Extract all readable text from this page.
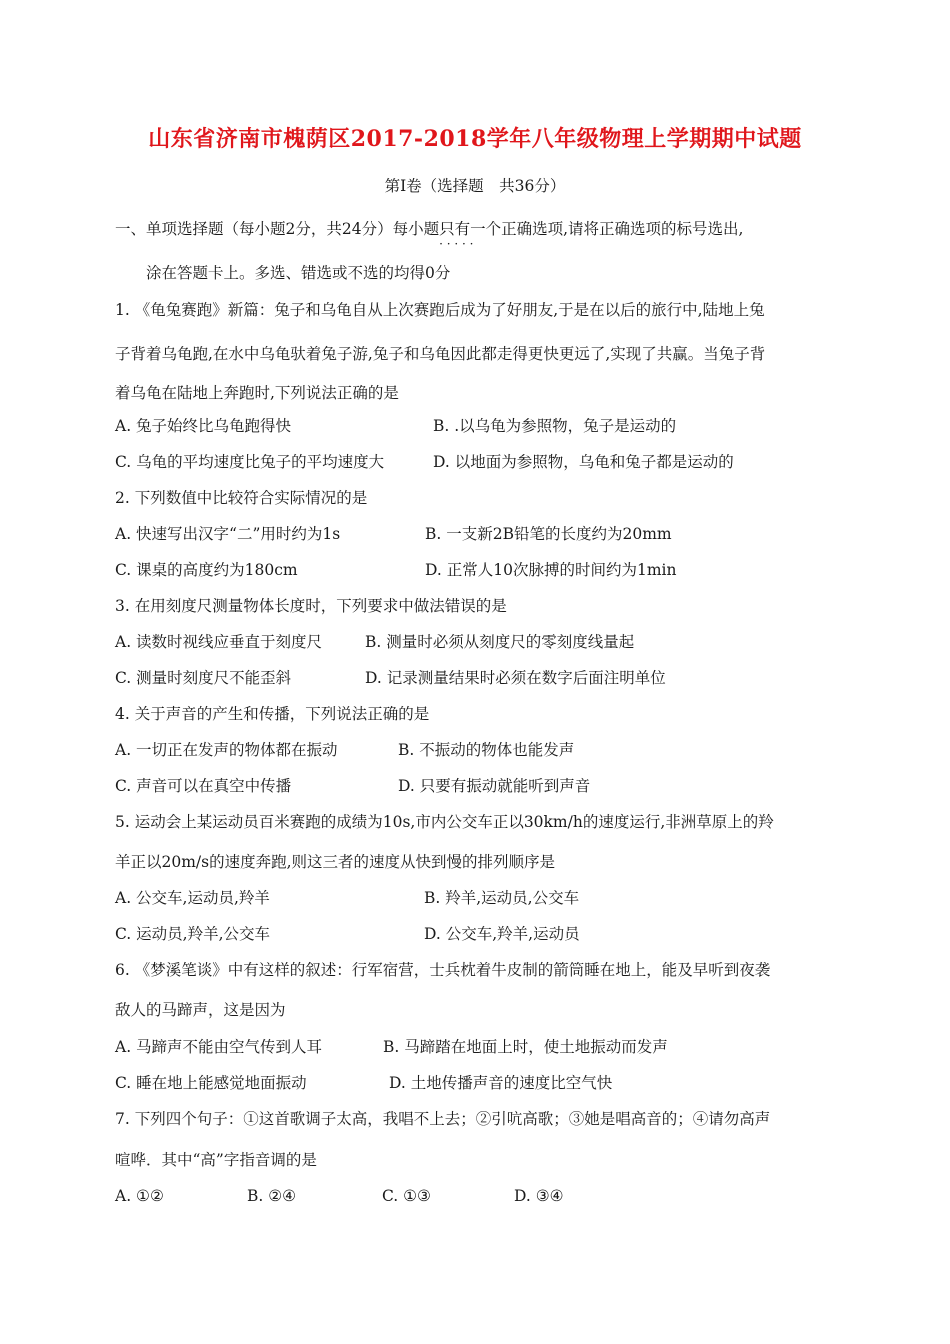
山东省济南市槐荫区2017-2018学年八年级物理上学期期中试题
第Ⅰ卷（选择题　共36分）
一、单项选择题（每小题2分，共24分）每小题只有一个 · · ·正确选项,请将正确选项的标号选出,
涂在答题卡上。多选、错选或不选的均得0分
1. 《龟兔赛跑》新篇：兔子和乌龟自从上次赛跑后成为了好朋友,于是在以后的旅行中,陆地上兔
子背着乌龟跑,在水中乌龟驮着兔子游,兔子和乌龟因此都走得更快更远了,实现了共赢。当兔子背
着乌龟在陆地上奔跑时,下列说法正确的是
A. 兔子始终比乌龟跑得快	B. .以乌龟为参照物，兔子是运动的
C. 乌龟的平均速度比兔子的平均速度大	D. 以地面为参照物，乌龟和兔子都是运动的
2. 下列数值中比较符合实际情况的是
A. 快速写出汉字“二”用时约为1s	B. 一支新2B铅笔的长度约为20mm
C. 课桌的高度约为180cm	D. 正常人10次脉搏的时间约为1min
3. 在用刻度尺测量物体长度时，下列要求中做法错误的是
A. 读数时视线应垂直于刻度尺	B. 测量时必须从刻度尺的零刻度线量起
C. 测量时刻度尺不能歪斜	D. 记录测量结果时必须在数字后面注明单位
4. 关于声音的产生和传播，下列说法正确的是
A. 一切正在发声的物体都在振动	B. 不振动的物体也能发声
C. 声音可以在真空中传播	D. 只要有振动就能听到声音
5. 运动会上某运动员百米赛跑的成绩为10s,市内公交车正以30km/h的速度运行,非洲草原上的羚
羊正以20m/s的速度奔跑,则这三者的速度从快到慢的排列顺序是
A. 公交车,运动员,羚羊	B. 羚羊,运动员,公交车
C. 运动员,羚羊,公交车	D. 公交车,羚羊,运动员
6. 《梦溪笔谈》中有这样的叙述：行军宿营，士兵枕着牛皮制的箭筒睡在地上，能及早听到夜袭
敌人的马蹄声，这是因为
A. 马蹄声不能由空气传到人耳	B. 马蹄踏在地面上时，使土地振动而发声
C. 睡在地上能感觉地面振动	D. 土地传播声音的速度比空气快
7. 下列四个句子：①这首歌调子太高，我唱不上去；②引吭高歌；③她是唱高音的；④请勿高声
喧哗．其中“高”字指音调的是
A. ①②	B. ②④	C. ①③	D. ③④
